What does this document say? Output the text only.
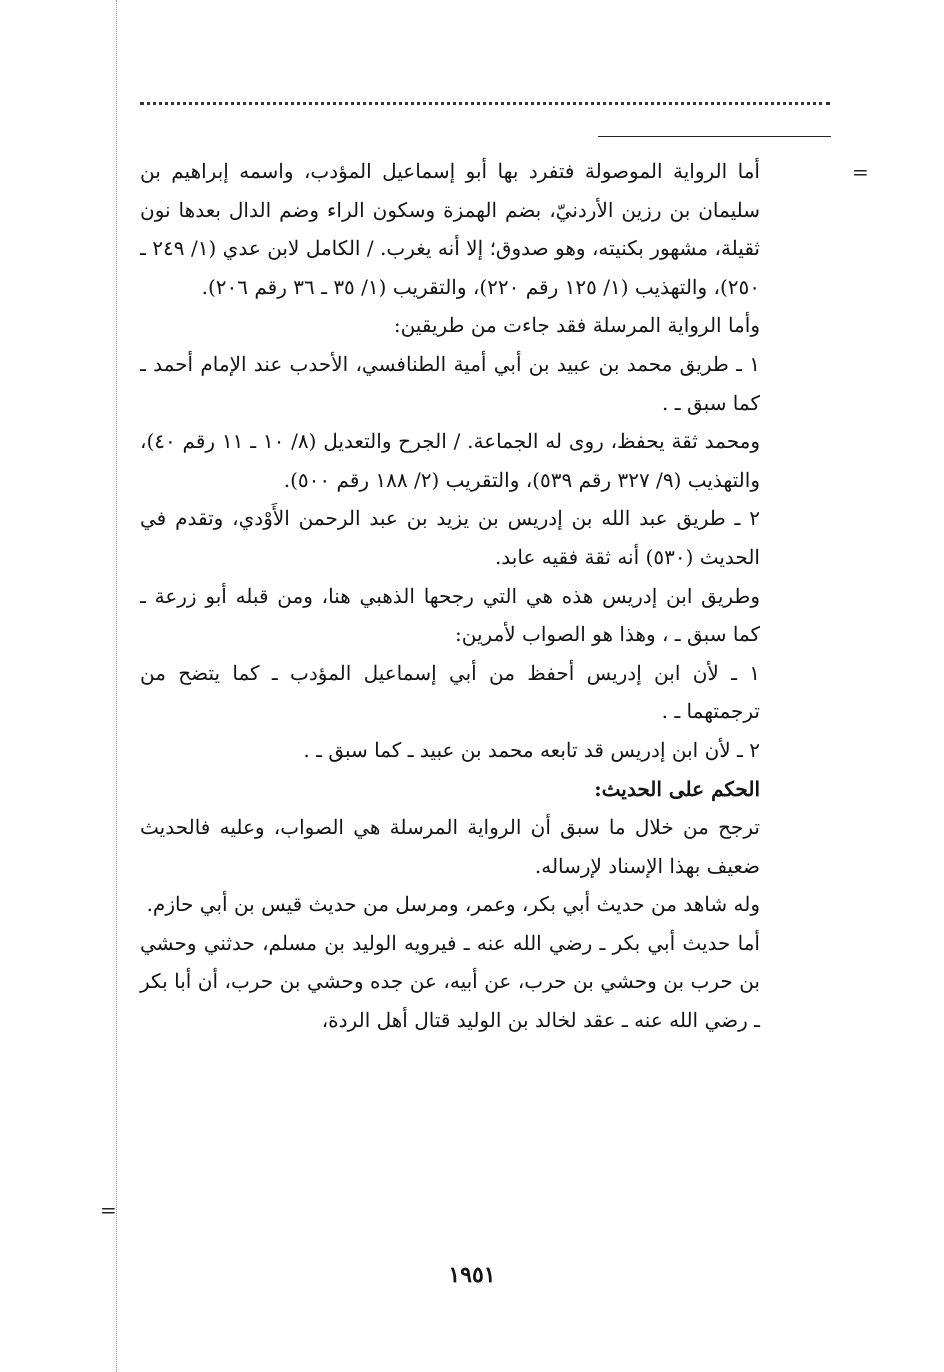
=

أما الرواية الموصولة فتفرد بها أبو إسماعيل المؤدب، واسمه إبراهيم بن سليمان بن رزين الأردنيّ، بضم الهمزة وسكون الراء وضم الدال بعدها نون ثقيلة، مشهور بكنيته، وهو صدوق؛ إلا أنه يغرب. / الكامل لابن عدي (١/ ٢٤٩ ـ ٢٥٠)، والتهذيب (١/ ١٢٥ رقم ٢٢٠)، والتقريب (١/ ٣٥ ـ ٣٦ رقم ٢٠٦).

وأما الرواية المرسلة فقد جاءت من طريقين:

١ ـ طريق محمد بن عبيد بن أبي أمية الطنافسي، الأحدب عند الإمام أحمد ـ كما سبق ـ .

ومحمد ثقة يحفظ، روى له الجماعة. / الجرح والتعديل (٨/ ١٠ ـ ١١ رقم ٤٠)، والتهذيب (٩/ ٣٢٧ رقم ٥٣٩)، والتقريب (٢/ ١٨٨ رقم ٥٠٠).

٢ ـ طريق عبد الله بن إدريس بن يزيد بن عبد الرحمن الأَوْدي، وتقدم في الحديث (٥٣٠) أنه ثقة فقيه عابد.

وطريق ابن إدريس هذه هي التي رجحها الذهبي هنا، ومن قبله أبو زرعة ـ كما سبق ـ ، وهذا هو الصواب لأمرين:

١ ـ لأن ابن إدريس أحفظ من أبي إسماعيل المؤدب ـ كما يتضح من ترجمتهما ـ .

٢ ـ لأن ابن إدريس قد تابعه محمد بن عبيد ـ كما سبق ـ .

الحكم على الحديث:

ترجح من خلال ما سبق أن الرواية المرسلة هي الصواب، وعليه فالحديث ضعيف بهذا الإسناد لإرساله.

وله شاهد من حديث أبي بكر، وعمر، ومرسل من حديث قيس بن أبي حازم.

أما حديث أبي بكر ـ رضي الله عنه ـ فيرويه الوليد بن مسلم، حدثني وحشي بن حرب بن وحشي بن حرب، عن أبيه، عن جده وحشي بن حرب، أن أبا بكر ـ رضي الله عنه ـ عقد لخالد بن الوليد قتال أهل الردة،

=
١٩٥١
